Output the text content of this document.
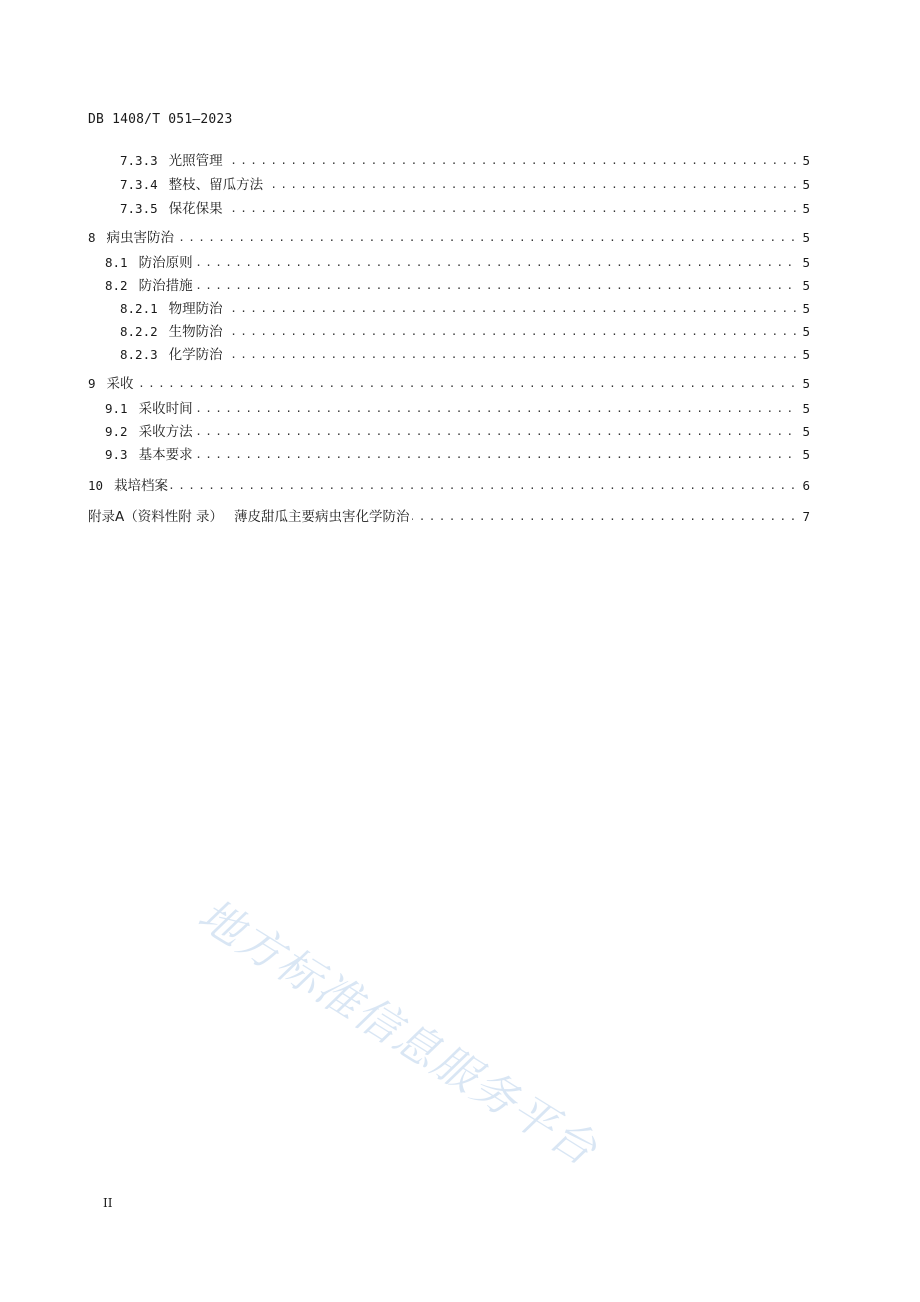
DB 1408/T 051—2023
.....
7.3.3 光照管理	5
.....
7.3.4 整枝、留瓜方法	5
.....
7.3.5 保花保果	5
.....
8 病虫害防治	5
.....
8.1 防治原则	5
.....
8.2 防治措施	5
.....
8.2.1 物理防治	5
.....
8.2.2 生物防治	5
.....
8.2.3 化学防治	5
.....
9 采收	5
.....
9.1 采收时间	5
.....
9.2 采收方法	5
.....
9.3 基本要求	5
.....
10 栽培档案	6
.....
附录A（资料性附 录） 薄皮甜瓜主要病虫害化学防治	7
地方标准信息服务平台
II
